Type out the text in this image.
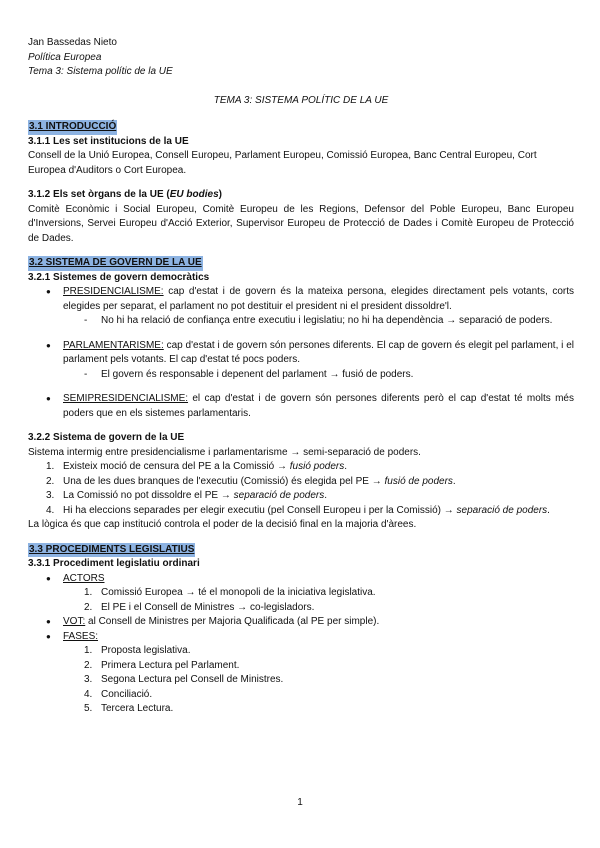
Jan Bassedas Nieto
Política Europea
Tema 3: Sistema polític de la UE
TEMA 3: SISTEMA POLÍTIC DE LA UE
3.1 INTRODUCCIÓ
3.1.1 Les set institucions de la UE
Consell de la Unió Europea, Consell Europeu, Parlament Europeu, Comissió Europea, Banc Central Europeu, Cort Europea d'Auditors o Cort Europea.
3.1.2 Els set òrgans de la UE (EU bodies)
Comitè Econòmic i Social Europeu, Comitè Europeu de les Regions, Defensor del Poble Europeu, Banc Europeu d'Inversions, Servei Europeu d'Acció Exterior, Supervisor Europeu de Protecció de Dades i Comitè Europeu de Protecció de Dades.
3.2 SISTEMA DE GOVERN DE LA UE
3.2.1 Sistemes de govern democràtics
● PRESIDENCIALISME: cap d'estat i de govern és la mateixa persona, elegides directament pels votants, corts elegides per separat, el parlament no pot destituir el president ni el president dissoldre'l.
- No hi ha relació de confiança entre executiu i legislatiu; no hi ha dependència → separació de poders.
● PARLAMENTARISME: cap d'estat i de govern són persones diferents. El cap de govern és elegit pel parlament, i el parlament pels votants. El cap d'estat té pocs poders.
- El govern és responsable i depenent del parlament → fusió de poders.
● SEMIPRESIDENCIALISME: el cap d'estat i de govern són persones diferents però el cap d'estat té molts més poders que en els sistemes parlamentaris.
3.2.2 Sistema de govern de la UE
Sistema intermig entre presidencialisme i parlamentarisme → semi-separació de poders.
1. Existeix moció de censura del PE a la Comissió → fusió poders.
2. Una de les dues branques de l'executiu (Comissió) és elegida pel PE → fusió de poders.
3. La Comissió no pot dissoldre el PE → separació de poders.
4. Hi ha eleccions separades per elegir executiu (pel Consell Europeu i per la Comissió) → separació de poders.
La lògica és que cap institució controla el poder de la decisió final en la majoria d'àrees.
3.3 PROCEDIMENTS LEGISLATIUS
3.3.1 Procediment legislatiu ordinari
● ACTORS
1. Comissió Europea → té el monopoli de la iniciativa legislativa.
2. El PE i el Consell de Ministres → co-legisladors.
● VOT: al Consell de Ministres per Majoria Qualificada (al PE per simple).
● FASES:
1. Proposta legislativa.
2. Primera Lectura pel Parlament.
3. Segona Lectura pel Consell de Ministres.
4. Conciliació.
5. Tercera Lectura.
1
